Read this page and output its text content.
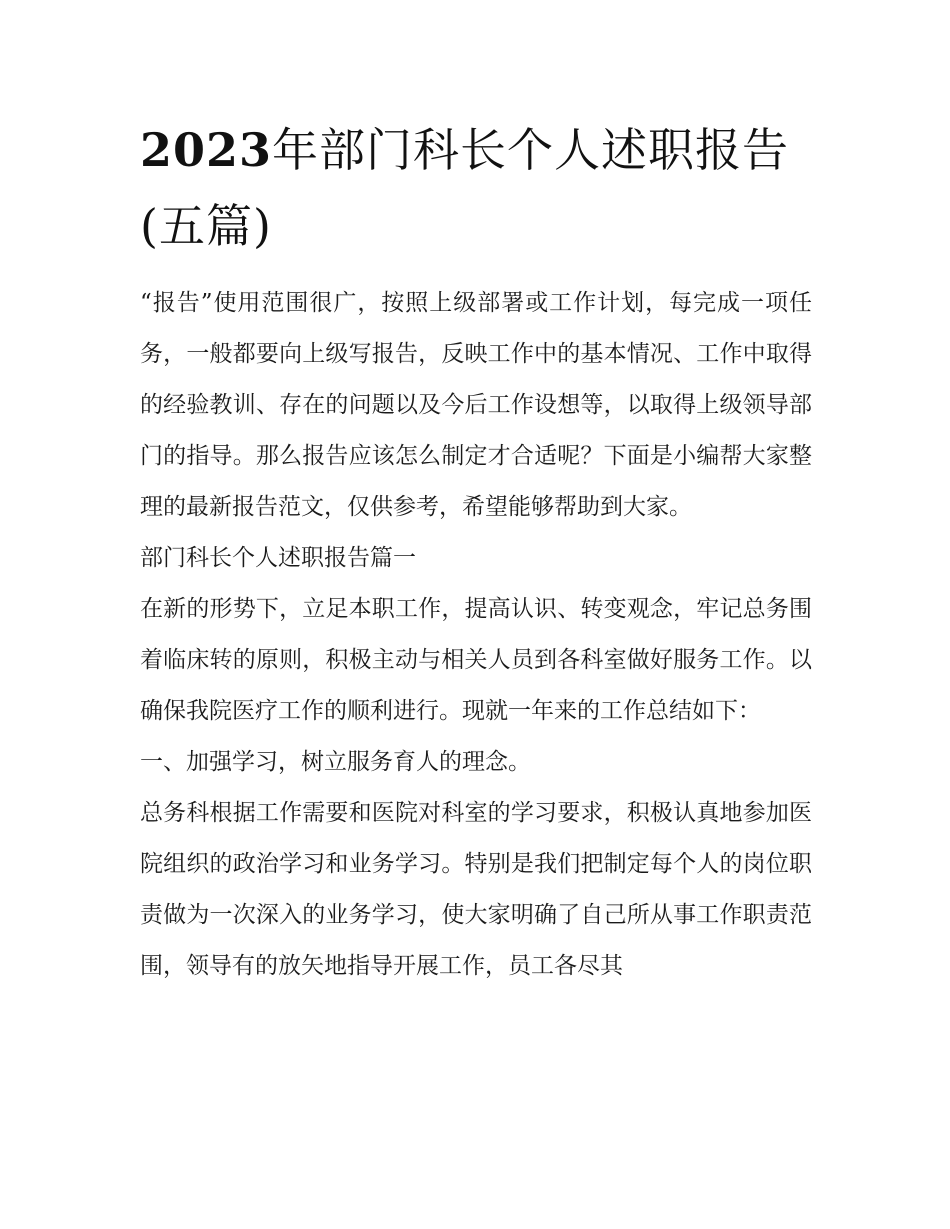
2023年部门科长个人述职报告(五篇)

“报告”使用范围很广，按照上级部署或工作计划，每完成一项任务，一般都要向上级写报告，反映工作中的基本情况、工作中取得的经验教训、存在的问题以及今后工作设想等，以取得上级领导部门的指导。那么报告应该怎么制定才合适呢？下面是小编帮大家整理的最新报告范文，仅供参考，希望能够帮助到大家。

部门科长个人述职报告篇一

在新的形势下，立足本职工作，提高认识、转变观念，牢记总务围着临床转的原则，积极主动与相关人员到各科室做好服务工作。以确保我院医疗工作的顺利进行。现就一年来的工作总结如下：

一、加强学习，树立服务育人的理念。

总务科根据工作需要和医院对科室的学习要求，积极认真地参加医院组织的政治学习和业务学习。特别是我们把制定每个人的岗位职责做为一次深入的业务学习，使大家明确了自己所从事工作职责范围，领导有的放矢地指导开展工作，员工各尽其
